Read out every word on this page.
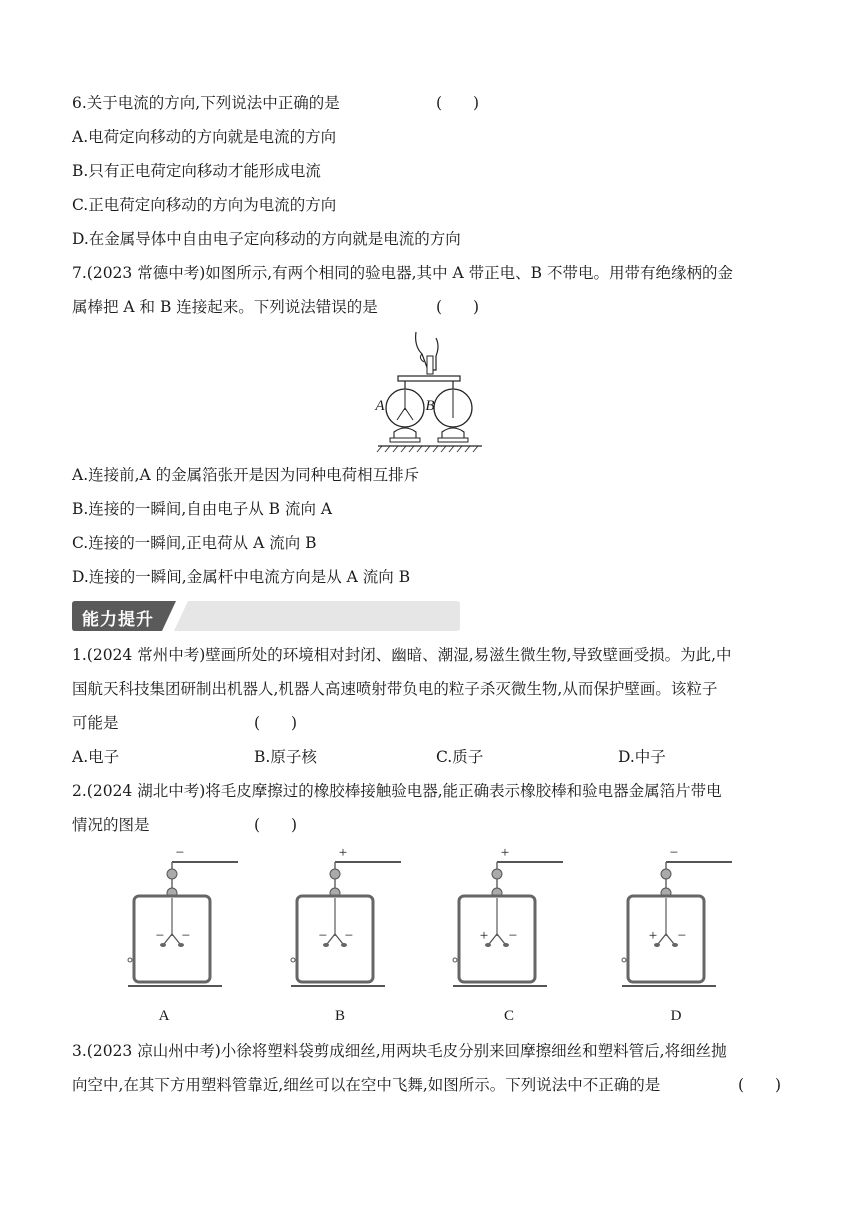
6.关于电流的方向,下列说法中正确的是	(　　)
A.电荷定向移动的方向就是电流的方向
B.只有正电荷定向移动才能形成电流
C.正电荷定向移动的方向为电流的方向
D.在金属导体中自由电子定向移动的方向就是电流的方向
7.(2023 常德中考)如图所示,有两个相同的验电器,其中 A 带正电、B 不带电。用带有绝缘柄的金
属棒把 A 和 B 连接起来。下列说法错误的是	(　　)
A	B
A.连接前,A 的金属箔张开是因为同种电荷相互排斥
B.连接的一瞬间,自由电子从 B 流向 A
C.连接的一瞬间,正电荷从 A 流向 B
D.连接的一瞬间,金属杆中电流方向是从 A 流向 B
能力提升
1.(2024 常州中考)壁画所处的环境相对封闭、幽暗、潮湿,易滋生微生物,导致壁画受损。为此,中
国航天科技集团研制出机器人,机器人高速喷射带负电的粒子杀灭微生物,从而保护壁画。该粒子
可能是	(　　)
A.电子	B.原子核	C.质子	D.中子
2.(2024 湖北中考)将毛皮摩擦过的橡胶棒接触验电器,能正确表示橡胶棒和验电器金属箔片带电
情况的图是	(　　)
−
−	−
A
+
−	−
B
+
+	−
C
−
+	−
D
3.(2023 凉山州中考)小徐将塑料袋剪成细丝,用两块毛皮分别来回摩擦细丝和塑料管后,将细丝抛
向空中,在其下方用塑料管靠近,细丝可以在空中飞舞,如图所示。下列说法中不正确的是	(　　)
